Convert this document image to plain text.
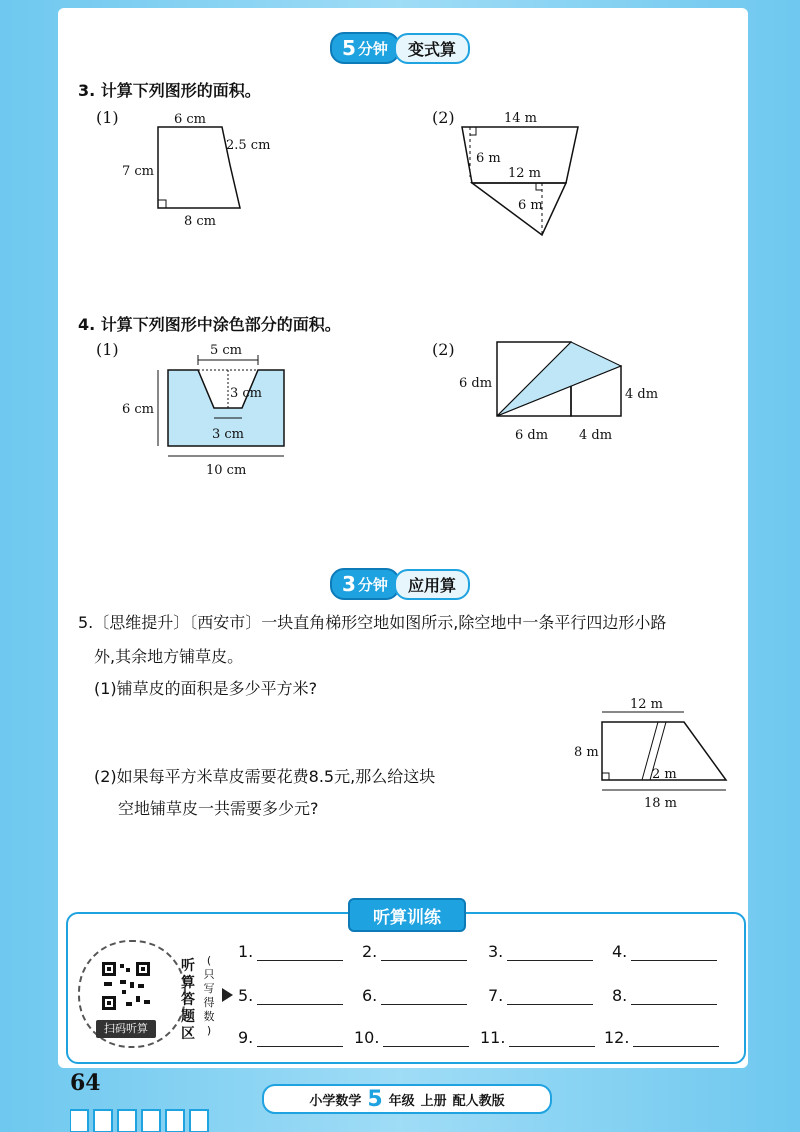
5 分钟	变式算
3. 计算下列图形的面积。
(1)	(2)
6 cm
2.5 cm
7 cm
8 cm
14 m
6 m
12 m
6 m
4. 计算下列图形中涂色部分的面积。
(1)	(2)
5 cm
3 cm
3 cm
6 cm
10 cm
6 dm
4 dm
6 dm 4 dm
3 分钟	应用算
5.〔思维提升〕〔西安市〕一块直角梯形空地如图所示,除空地中一条平行四边形小路
外,其余地方铺草皮。
(1)铺草皮的面积是多少平方米?
(2)如果每平方米草皮需要花费8.5元,那么给这块
空地铺草皮一共需要多少元?
12 m
8 m
2 m
18 m
听算训练
扫码听算
听
算
答
题
区
(
只
写
得
数
)
1.	2.	3.	4.
5.	6.	7.	8.
9.	10.	11.	12.
64
小学数学 5 年级 上册 配人教版
